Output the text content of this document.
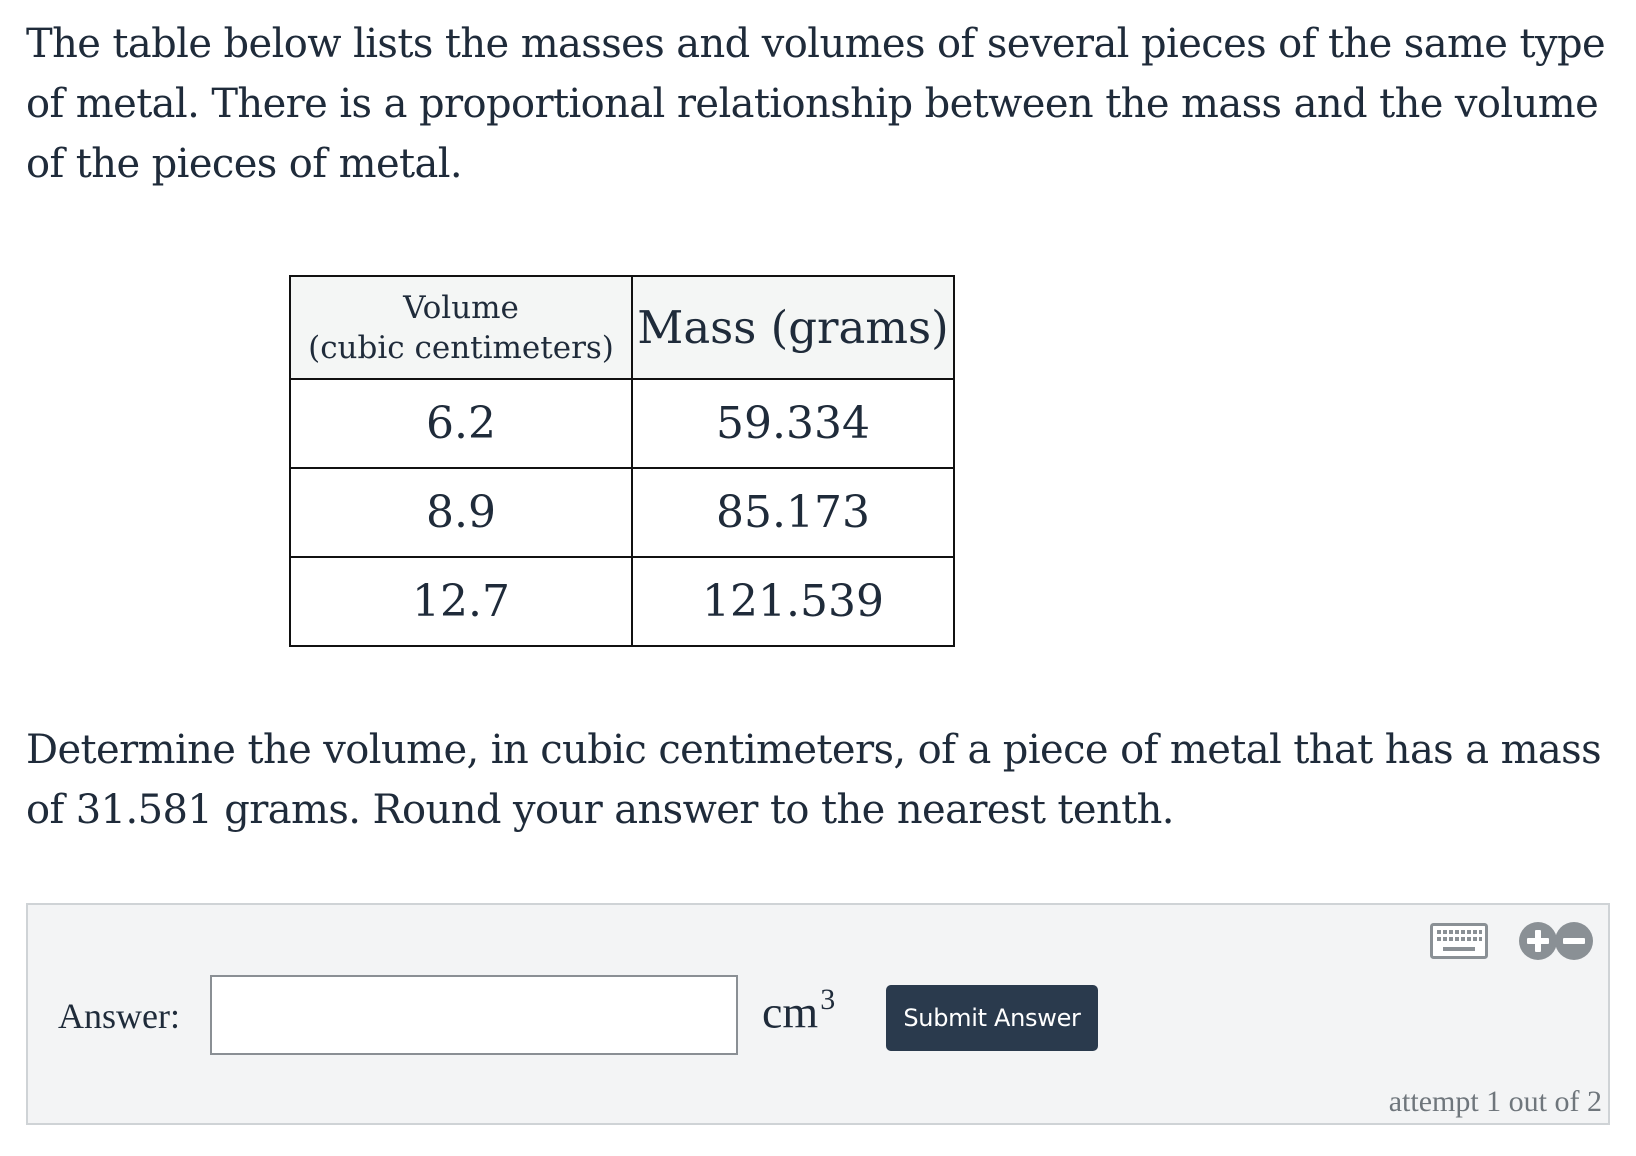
The table below lists the masses and volumes of several pieces of the same type of metal. There is a proportional relationship between the mass and the volume of the pieces of metal.

Volume
(cubic centimeters)	Mass (grams)
6.2	59.334
8.9	85.173
12.7	121.539

Determine the volume, in cubic centimeters, of a piece of metal that has a mass of 31.581 grams. Round your answer to the nearest tenth.

Answer:	$cm^3$
Submit Answer
attempt 1 out of 2
